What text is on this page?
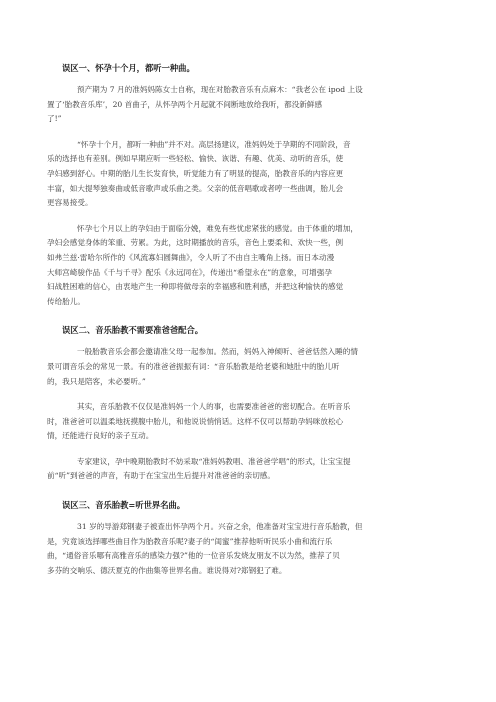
误区一、怀孕十个月，都听一种曲。

预产期为 7 月的准妈妈陈女士自称，现在对胎教音乐有点麻木：“我老公在 ipod 上设
置了‘胎教音乐库’，20 首曲子，从怀孕两个月起就不间断地放给我听，都没新鲜感
了!”

“怀孕十个月，都听一种曲”并不对。高层扬建议，准妈妈处于孕期的不同阶段，音
乐的选择也有差别。例如早期应听一些轻松、愉快、诙谐、有趣、优美、动听的音乐，使
孕妇感到舒心。中期的胎儿生长发育快，听觉能力有了明显的提高，胎教音乐的内容应更
丰富，如大提琴独奏曲或低音歌声或乐曲之类。父亲的低音唱歌或者哼一些曲调，胎儿会
更容易接受。

怀孕七个月以上的孕妇由于面临分娩，难免有些忧虑紧张的感觉。由于体重的增加，
孕妇会感觉身体的笨重、劳累。为此，这时期播放的音乐，音色上要柔和、欢快一些，例
如弗兰兹·雷哈尔所作的《风流寡妇圆舞曲》，令人听了不由自主嘴角上扬。而日本动漫
大师宫崎骏作品《千与千寻》配乐《永远同在》，传递出“希望永在”的意象，可增强孕
妇战胜困难的信心，由衷地产生一种即将做母亲的幸福感和胜利感，并把这种愉快的感觉
传给胎儿。

误区二、音乐胎教不需要准爸爸配合。

一般胎教音乐会都会邀请准父母一起参加。然而，妈妈入神倾听、爸爸恬然入睡的情
景可谓音乐会的常见一景。有的准爸爸振振有词：“音乐胎教是给老婆和她肚中的胎儿听
的，我只是陪客，未必要听。”

其实，音乐胎教不仅仅是准妈妈一个人的事，也需要准爸爸的密切配合。在听音乐
时，准爸爸可以温柔地抚摸腹中胎儿，和他说说悄悄话。这样不仅可以帮助孕妈咪放松心
情，还能进行良好的亲子互动。

专家建议，孕中晚期胎教时不妨采取“准妈妈教唱、准爸爸学唱”的形式，让宝宝提
前“听”到爸爸的声音，有助于在宝宝出生后提升对准爸爸的亲切感。

误区三、音乐胎教=听世界名曲。

31 岁的导游郑钢妻子被查出怀孕两个月。兴奋之余，他准备对宝宝进行音乐胎教，但
是，究竟该选择哪些曲目作为胎教音乐呢?妻子的“闺蜜”推荐他听听民乐小曲和流行乐
曲，“通俗音乐哪有高雅音乐的感染力强?”他的一位音乐发烧友朋友不以为然，推荐了贝
多芬的交响乐、德沃夏克的作曲集等世界名曲。谁说得对?郑钢犯了难。
